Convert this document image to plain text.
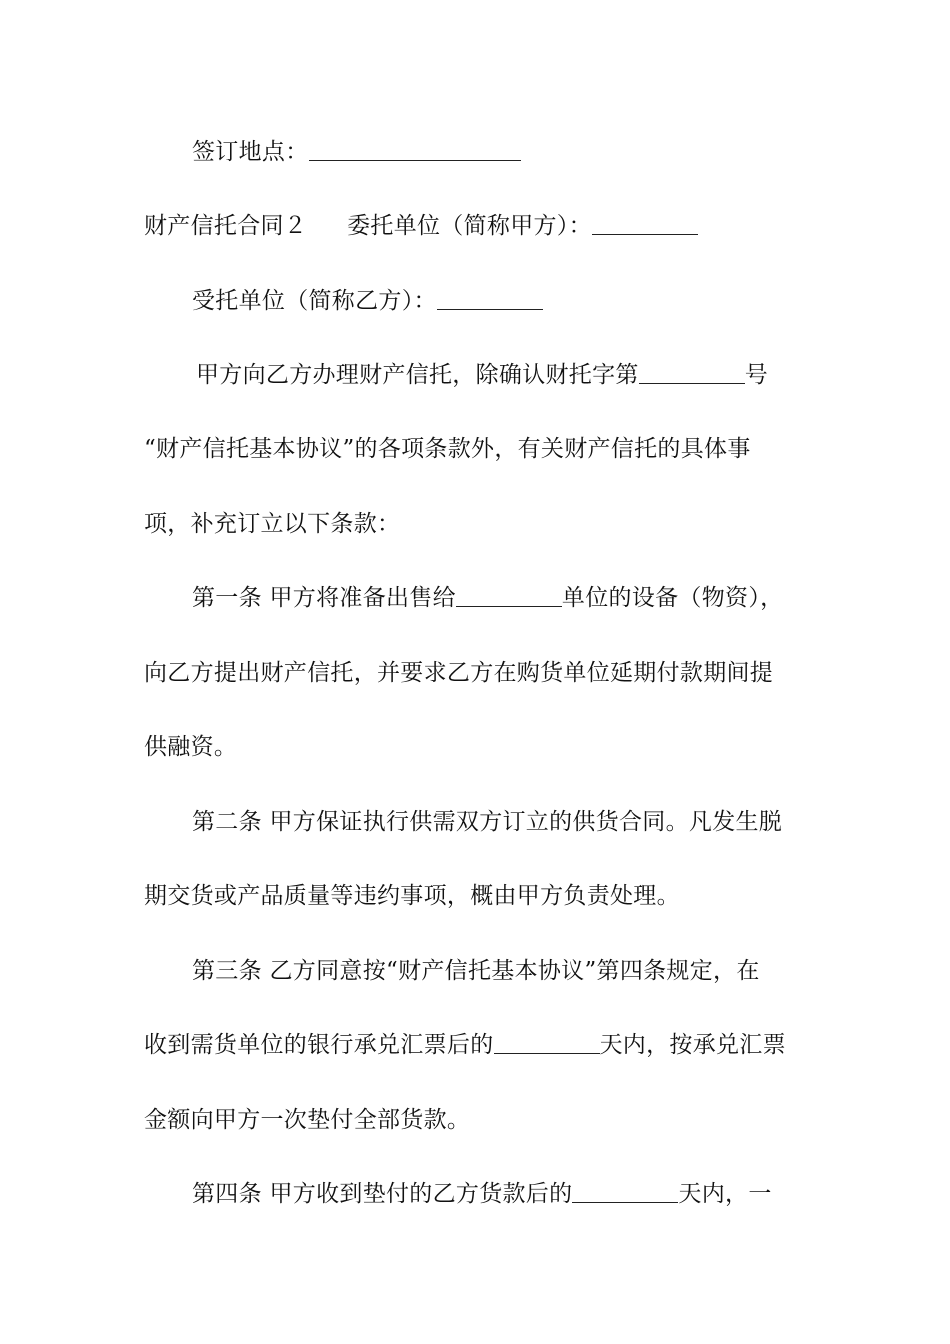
签订地点：
财产信托合同２ 委托单位（简称甲方）：
受托单位（简称乙方）：
甲方向乙方办理财产信托，除确认财托字第	号
“财产信托基本协议”的各项条款外，有关财产信托的具体事
项，补充订立以下条款：
第一条 甲方将准备出售给	单位的设备（物资），
向乙方提出财产信托，并要求乙方在购货单位延期付款期间提
供融资。
第二条 甲方保证执行供需双方订立的供货合同。凡发生脱
期交货或产品质量等违约事项，概由甲方负责处理。
第三条 乙方同意按“财产信托基本协议”第四条规定，在
收到需货单位的银行承兑汇票后的	天内，按承兑汇票
金额向甲方一次垫付全部货款。
第四条 甲方收到垫付的乙方货款后的	天内，一
